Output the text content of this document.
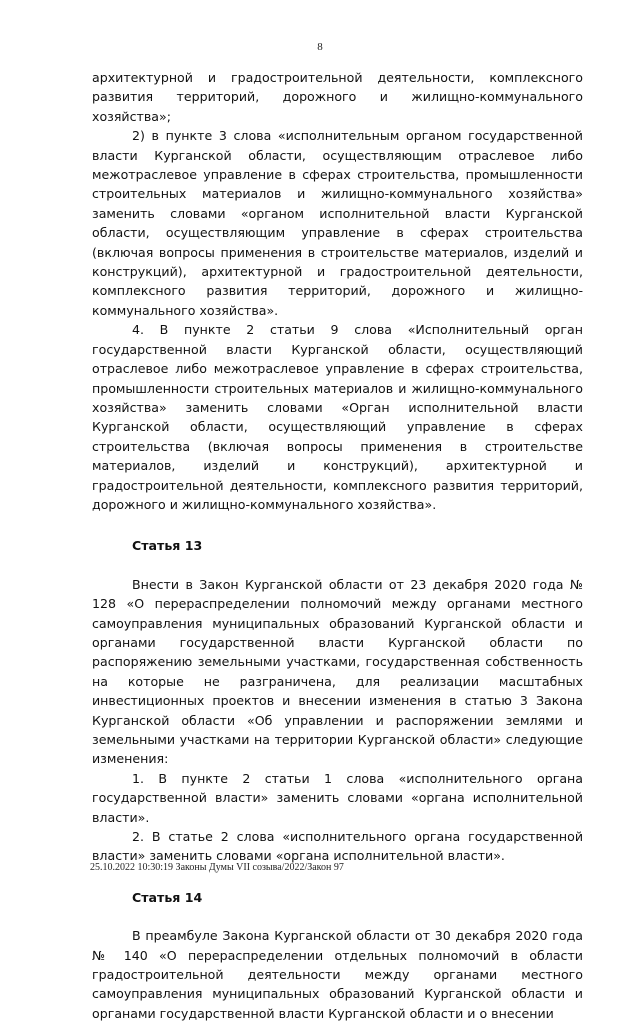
8

архитектурной и градостроительной деятельности, комплексного развития территорий, дорожного и жилищно-коммунального хозяйства»;

2) в пункте 3 слова «исполнительным органом государственной власти Курганской области, осуществляющим отраслевое либо межотраслевое управление в сферах строительства, промышленности строительных материалов и жилищно-коммунального хозяйства» заменить словами «органом исполнительной власти Курганской области, осуществляющим управление в сферах строительства (включая вопросы применения в строительстве материалов, изделий и конструкций), архитектурной и градостроительной деятельности, комплексного развития территорий, дорожного и жилищно-коммунального хозяйства».

4. В пункте 2 статьи 9 слова «Исполнительный орган государственной власти Курганской области, осуществляющий отраслевое либо межотраслевое управление в сферах строительства, промышленности строительных материалов и жилищно-коммунального хозяйства» заменить словами «Орган исполнительной власти Курганской области, осуществляющий управление в сферах строительства (включая вопросы применения в строительстве материалов, изделий и конструкций), архитектурной и градостроительной деятельности, комплексного развития территорий, дорожного и жилищно-коммунального хозяйства».

Статья 13

Внести в Закон Курганской области от 23 декабря 2020 года № 128 «О перераспределении полномочий между органами местного самоуправления муниципальных образований Курганской области и органами государственной власти Курганской области по распоряжению земельными участками, государственная собственность на которые не разграничена, для реализации масштабных инвестиционных проектов и внесении изменения в статью 3 Закона Курганской области «Об управлении и распоряжении землями и земельными участками на территории Курганской области» следующие изменения:

1. В пункте 2 статьи 1 слова «исполнительного органа государственной власти» заменить словами «органа исполнительной власти».

2. В статье 2 слова «исполнительного органа государственной власти» заменить словами «органа исполнительной власти».

Статья 14

В преамбуле Закона Курганской области от 30 декабря 2020 года № 140 «О перераспределении отдельных полномочий в области градостроительной деятельности между органами местного самоуправления муниципальных образований Курганской области и органами государственной власти Курганской области и о внесении

25.10.2022 10:30:19 Законы Думы VII созыва/2022/Закон 97
